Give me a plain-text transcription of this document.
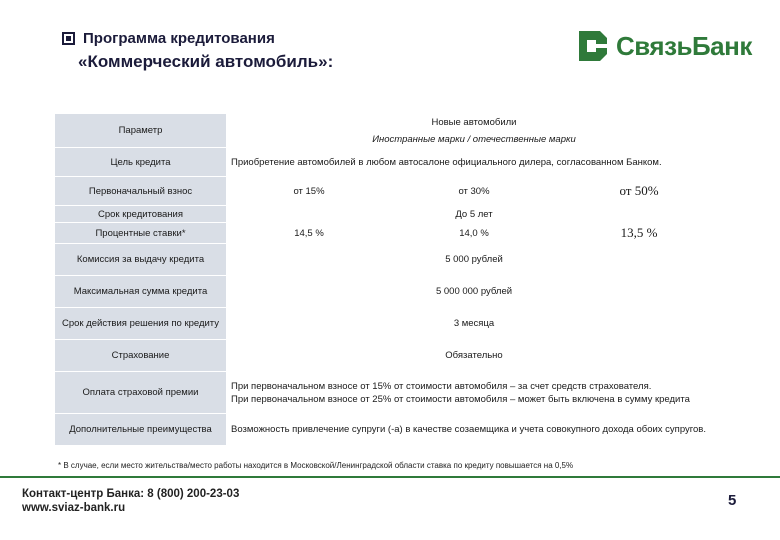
Программа кредитования
«Коммерческий автомобиль»:
СвязьБанк
Параметр	Новые автомобили		
	Иностранные марки / отечественные марки		
Цель кредита	Приобретение автомобилей в любом автосалоне официального дилера, согласованном Банком.		
Первоначальный взнос	от 15%	от 30%	от 50%
Срок кредитования	До 5 лет		
Процентные ставки*	14,5 %	14,0 %	13,5 %
Комиссия за выдачу кредита	5 000 рублей		
Максимальная сумма кредита	5 000 000 рублей		
Срок действия решения по кредиту	3 месяца		
Страхование	Обязательно		
Оплата страховой премии	При первоначальном взносе от 15% от стоимости автомобиля – за счет средств страхователя.
При первоначальном взносе от 25% от стоимости автомобиля – может быть включена в сумму кредита		

Дополнительные преимущества	Возможность привлечение супруги (-а) в качестве созаемщика и учета совокупного дохода обоих супругов.		
* В случае, если место жительства/место работы находится в Московской/Ленинградской области ставка по кредиту повышается на 0,5%
Контакт-центр Банка: 8 (800) 200-23-03
www.sviaz-bank.ru	5
